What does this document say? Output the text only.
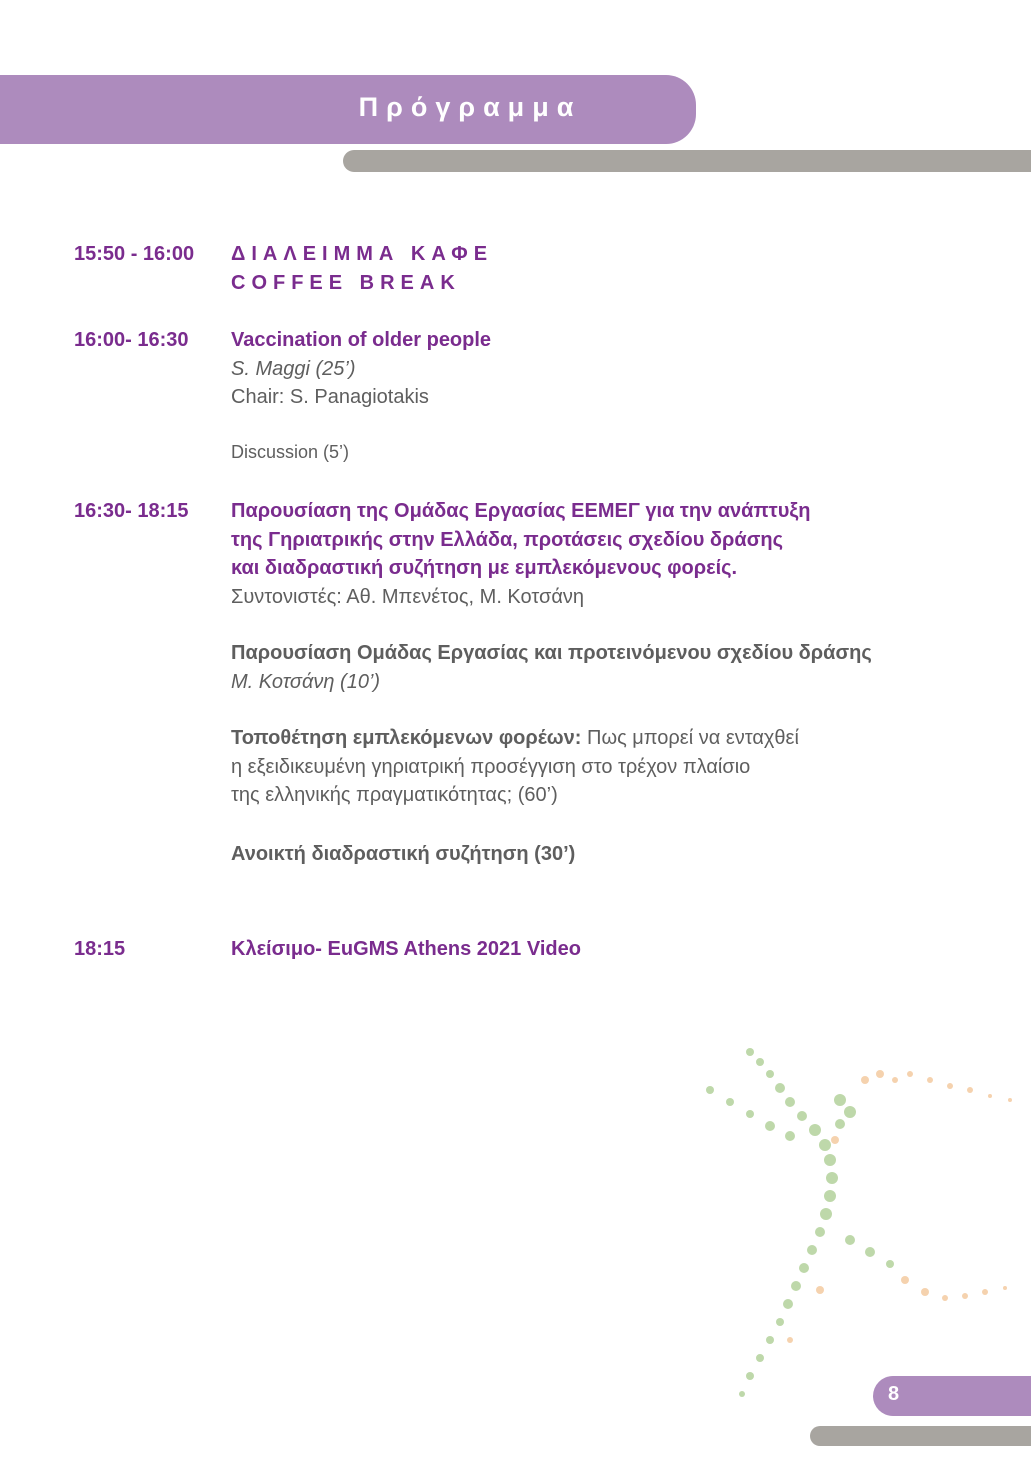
Πρόγραμμα
15:50 - 16:00 ΔΙΑΛΕΙΜΜΑ ΚΑΦΕ
COFFEE BREAK
16:00- 16:30 Vaccination of older people
S. Maggi (25’)
Chair: S. Panagiotakis
Discussion (5’)
16:30- 18:15 Παρουσίαση της Ομάδας Εργασίας ΕΕΜΕΓ για την ανάπτυξη
της Γηριατρικής στην Ελλάδα, προτάσεις σχεδίου δράσης
και διαδραστική συζήτηση με εμπλεκόμενους φορείς.
Συντονιστές: Αθ. Μπενέτος, Μ. Κοτσάνη
Παρουσίαση Ομάδας Εργασίας και προτεινόμενου σχεδίου δράσης
Μ. Κοτσάνη (10’)
Τοποθέτηση εμπλεκόμενων φορέων: Πως μπορεί να ενταχθεί
η εξειδικευμένη γηριατρική προσέγγιση στο τρέχον πλαίσιο
της ελληνικής πραγματικότητας; (60’)
Ανοικτή διαδραστική συζήτηση (30’)
18:15	Κλείσιμο- EuGMS Athens 2021 Video
8
